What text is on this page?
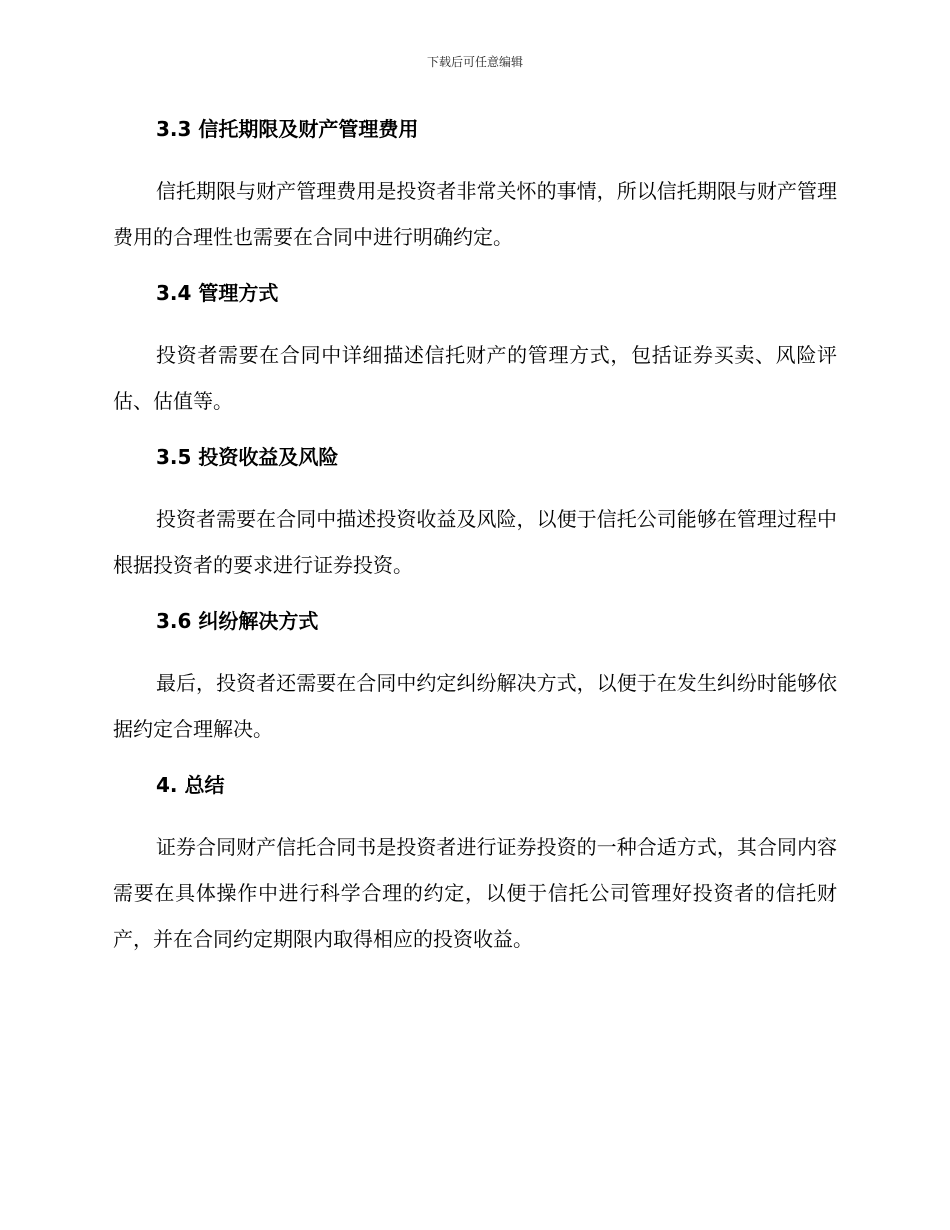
下载后可任意编辑
3.3 信托期限及财产管理费用

信托期限与财产管理费用是投资者非常关怀的事情，所以信托期限与财产管理费用的合理性也需要在合同中进行明确约定。

3.4 管理方式

投资者需要在合同中详细描述信托财产的管理方式，包括证券买卖、风险评估、估值等。

3.5 投资收益及风险

投资者需要在合同中描述投资收益及风险，以便于信托公司能够在管理过程中根据投资者的要求进行证券投资。

3.6 纠纷解决方式

最后，投资者还需要在合同中约定纠纷解决方式，以便于在发生纠纷时能够依据约定合理解决。

4. 总结

证券合同财产信托合同书是投资者进行证券投资的一种合适方式，其合同内容需要在具体操作中进行科学合理的约定，以便于信托公司管理好投资者的信托财产，并在合同约定期限内取得相应的投资收益。
